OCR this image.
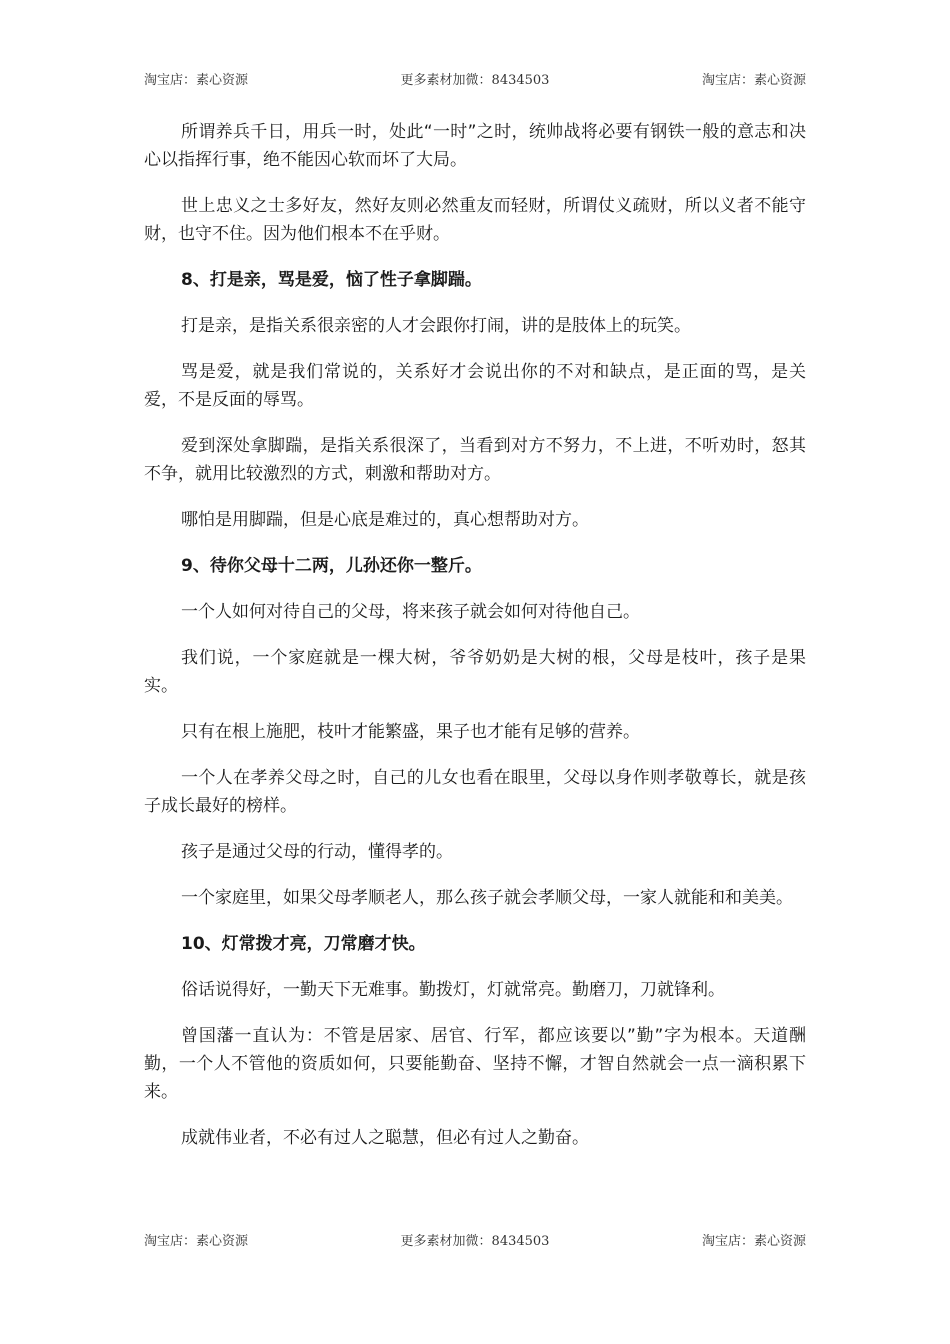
淘宝店：素心资源	更多素材加微：8434503	淘宝店：素心资源

所谓养兵千日，用兵一时，处此“一时”之时，统帅战将必要有钢铁一般的意志和决心以指挥行事，绝不能因心软而坏了大局。

世上忠义之士多好友，然好友则必然重友而轻财，所谓仗义疏财，所以义者不能守财，也守不住。因为他们根本不在乎财。

8、打是亲，骂是爱，恼了性子拿脚踹。

打是亲，是指关系很亲密的人才会跟你打闹，讲的是肢体上的玩笑。

骂是爱，就是我们常说的，关系好才会说出你的不对和缺点，是正面的骂，是关爱，不是反面的辱骂。

爱到深处拿脚踹，是指关系很深了，当看到对方不努力，不上进，不听劝时，怒其不争，就用比较激烈的方式，刺激和帮助对方。

哪怕是用脚踹，但是心底是难过的，真心想帮助对方。

9、待你父母十二两，儿孙还你一整斤。

一个人如何对待自己的父母，将来孩子就会如何对待他自己。

我们说，一个家庭就是一棵大树，爷爷奶奶是大树的根，父母是枝叶，孩子是果实。

只有在根上施肥，枝叶才能繁盛，果子也才能有足够的营养。

一个人在孝养父母之时，自己的儿女也看在眼里，父母以身作则孝敬尊长，就是孩子成长最好的榜样。

孩子是通过父母的行动，懂得孝的。

一个家庭里，如果父母孝顺老人，那么孩子就会孝顺父母，一家人就能和和美美。

10、灯常拨才亮，刀常磨才快。

俗话说得好，一勤天下无难事。勤拨灯，灯就常亮。勤磨刀，刀就锋利。

曾国藩一直认为：不管是居家、居官、行军，都应该要以”勤”字为根本。天道酬勤，一个人不管他的资质如何，只要能勤奋、坚持不懈，才智自然就会一点一滴积累下来。

成就伟业者，不必有过人之聪慧，但必有过人之勤奋。

淘宝店：素心资源	更多素材加微：8434503	淘宝店：素心资源
